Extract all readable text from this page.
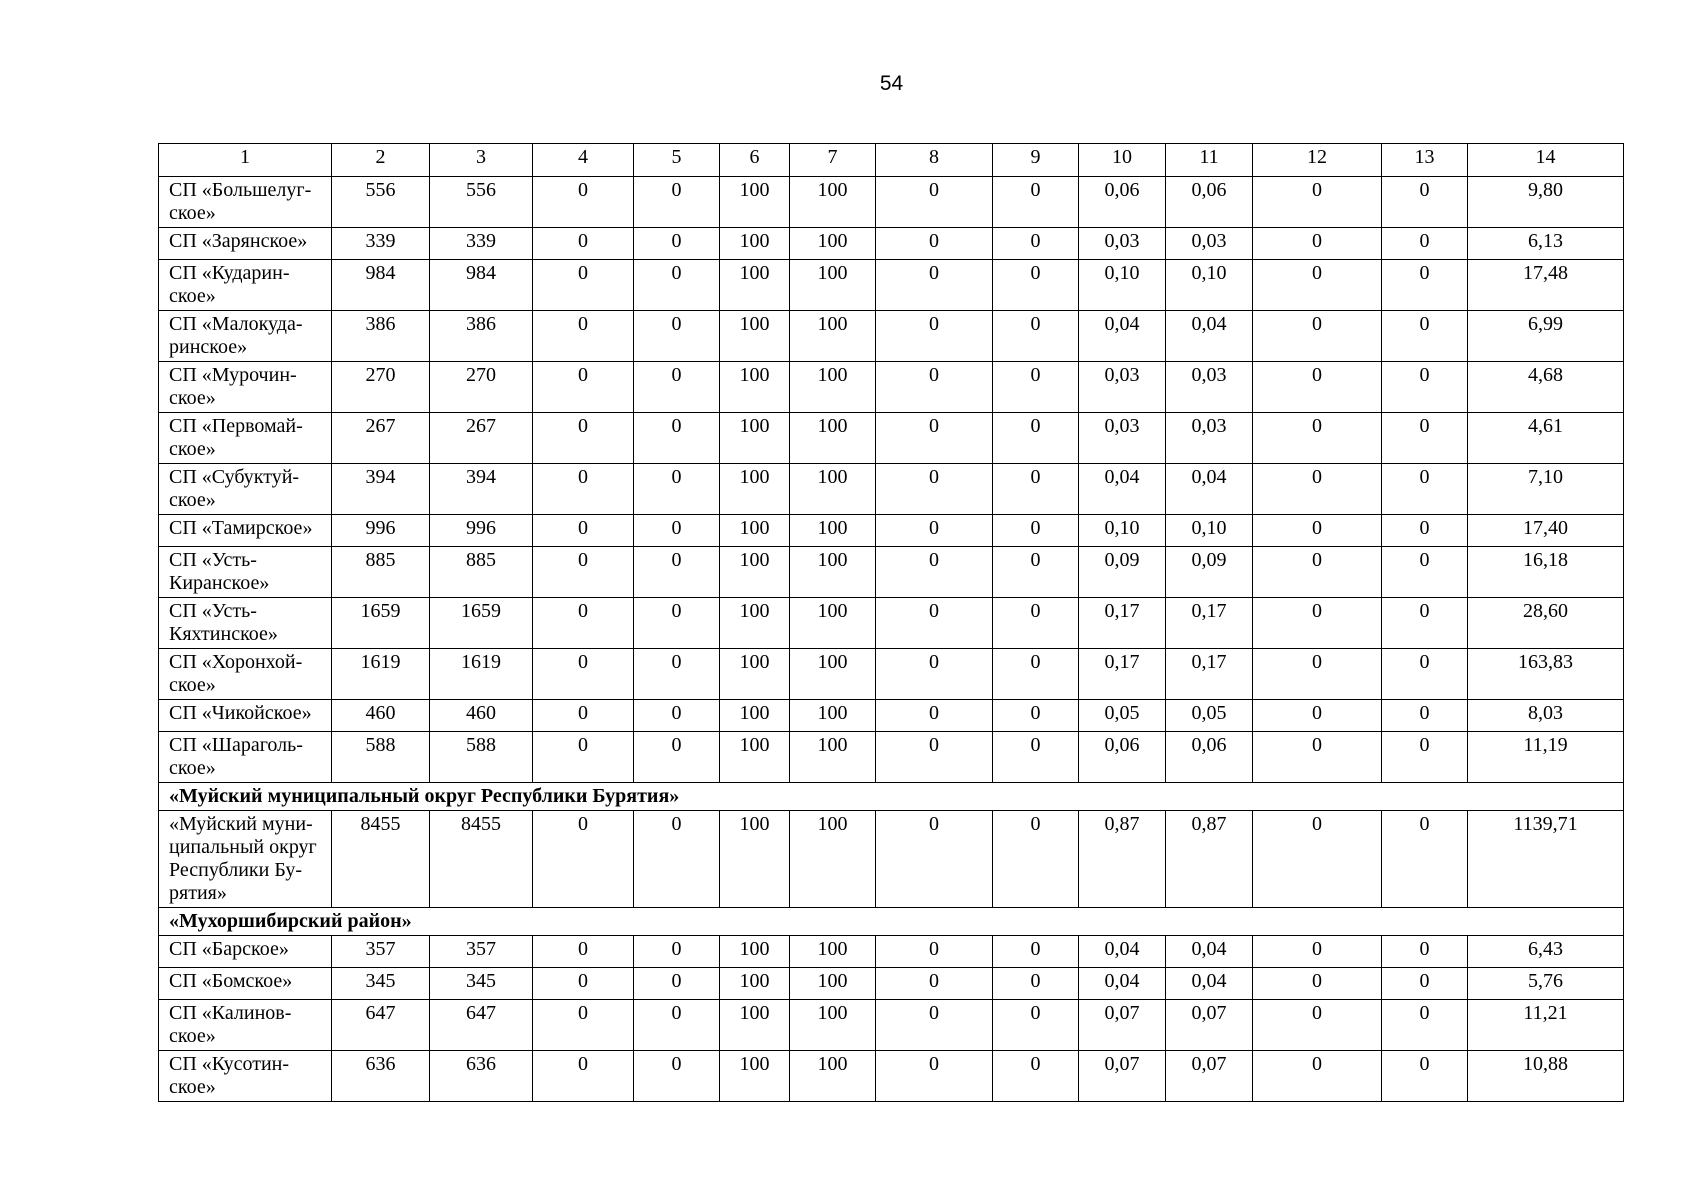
54
1	2	3	4	5	6	7	8	9	10	11	12	13	14
СП «Большелуг-
ское»	556	556	0	0	100	100	0	0	0,06	0,06	0	0	9,80
СП «Зарянское»	339	339	0	0	100	100	0	0	0,03	0,03	0	0	6,13
СП «Кударин-
ское»	984	984	0	0	100	100	0	0	0,10	0,10	0	0	17,48
СП «Малокуда-
ринское»	386	386	0	0	100	100	0	0	0,04	0,04	0	0	6,99
СП «Мурочин-
ское»	270	270	0	0	100	100	0	0	0,03	0,03	0	0	4,68
СП «Первомай-
ское»	267	267	0	0	100	100	0	0	0,03	0,03	0	0	4,61
СП «Субуктуй-
ское»	394	394	0	0	100	100	0	0	0,04	0,04	0	0	7,10
СП «Тамирское»	996	996	0	0	100	100	0	0	0,10	0,10	0	0	17,40
СП «Усть-
Киранское»	885	885	0	0	100	100	0	0	0,09	0,09	0	0	16,18
СП «Усть-
Кяхтинское»	1659	1659	0	0	100	100	0	0	0,17	0,17	0	0	28,60
СП «Хоронхой-
ское»	1619	1619	0	0	100	100	0	0	0,17	0,17	0	0	163,83
СП «Чикойское»	460	460	0	0	100	100	0	0	0,05	0,05	0	0	8,03
СП «Шараголь-
ское»	588	588	0	0	100	100	0	0	0,06	0,06	0	0	11,19
«Муйский муниципальный округ Республики Бурятия»													
«Муйский муни-
ципальный округ
Республики Бу-
рятия»	8455	8455	0	0	100	100	0	0	0,87	0,87	0	0	1139,71
«Мухоршибирский район»													
СП «Барское»	357	357	0	0	100	100	0	0	0,04	0,04	0	0	6,43
СП «Бомское»	345	345	0	0	100	100	0	0	0,04	0,04	0	0	5,76
СП «Калинов-
ское»	647	647	0	0	100	100	0	0	0,07	0,07	0	0	11,21
СП «Кусотин-
ское»	636	636	0	0	100	100	0	0	0,07	0,07	0	0	10,88
